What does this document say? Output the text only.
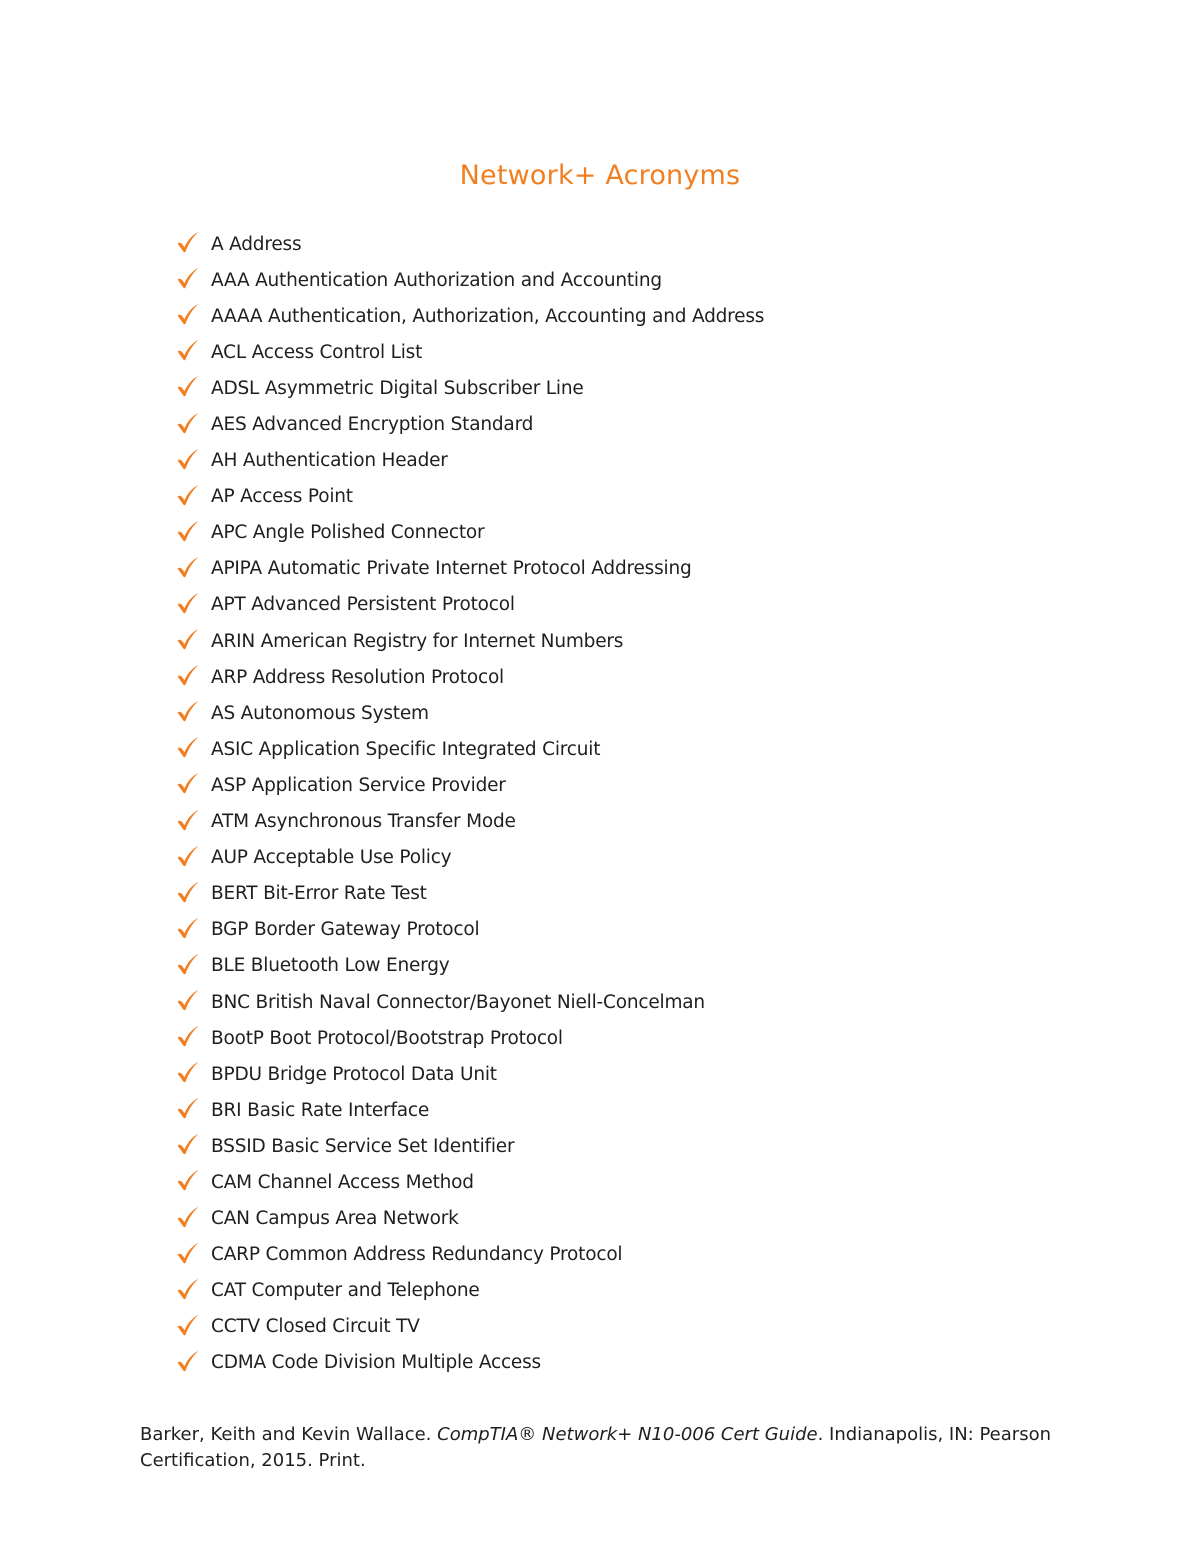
Network+ Acronyms
A Address
AAA Authentication Authorization and Accounting
AAAA Authentication, Authorization, Accounting and Address
ACL Access Control List
ADSL Asymmetric Digital Subscriber Line
AES Advanced Encryption Standard
AH Authentication Header
AP Access Point
APC Angle Polished Connector
APIPA Automatic Private Internet Protocol Addressing
APT Advanced Persistent Protocol
ARIN American Registry for Internet Numbers
ARP Address Resolution Protocol
AS Autonomous System
ASIC Application Specific Integrated Circuit
ASP Application Service Provider
ATM Asynchronous Transfer Mode
AUP Acceptable Use Policy
BERT Bit-Error Rate Test
BGP Border Gateway Protocol
BLE Bluetooth Low Energy
BNC British Naval Connector/Bayonet Niell-Concelman
BootP Boot Protocol/Bootstrap Protocol
BPDU Bridge Protocol Data Unit
BRI Basic Rate Interface
BSSID Basic Service Set Identifier
CAM Channel Access Method
CAN Campus Area Network
CARP Common Address Redundancy Protocol
CAT Computer and Telephone
CCTV Closed Circuit TV
CDMA Code Division Multiple Access

Barker, Keith and Kevin Wallace. CompTIA® Network+ N10-006 Cert Guide. Indianapolis, IN: Pearson Certification, 2015. Print.
